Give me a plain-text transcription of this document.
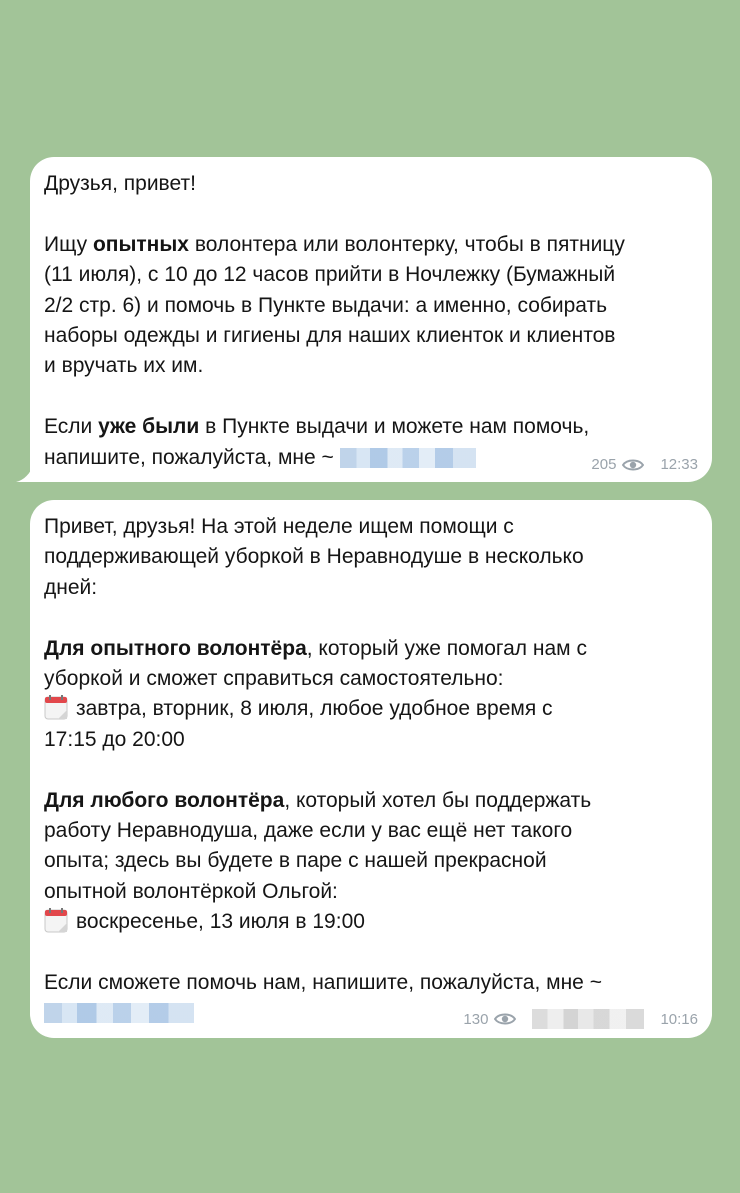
Друзья, привет!
Ищу опытных волонтера или волонтерку, чтобы в пятницу
(11 июля), с 10 до 12 часов прийти в Ночлежку (Бумажный
2/2 стр. 6) и помочь в Пункте выдачи: а именно, собирать
наборы одежды и гигиены для наших клиенток и клиентов
и вручать их им.
Если уже были в Пункте выдачи и можете нам помочь,
напишите, пожалуйста, мне ~	205	12:33
Привет, друзья! На этой неделе ищем помощи с
поддерживающей уборкой в Неравнодуше в несколько
дней:
Для опытного волонтёра, который уже помогал нам с
уборкой и сможет справиться самостоятельно:
завтра, вторник, 8 июля, любое удобное время с
17:15 до 20:00
Для любого волонтёра, который хотел бы поддержать
работу Неравнодуша, даже если у вас ещё нет такого
опыта; здесь вы будете в паре с нашей прекрасной
опытной волонтёркой Ольгой:
воскресенье, 13 июля в 19:00
Если сможете помочь нам, напишите, пожалуйста, мне ~
130	10:16
